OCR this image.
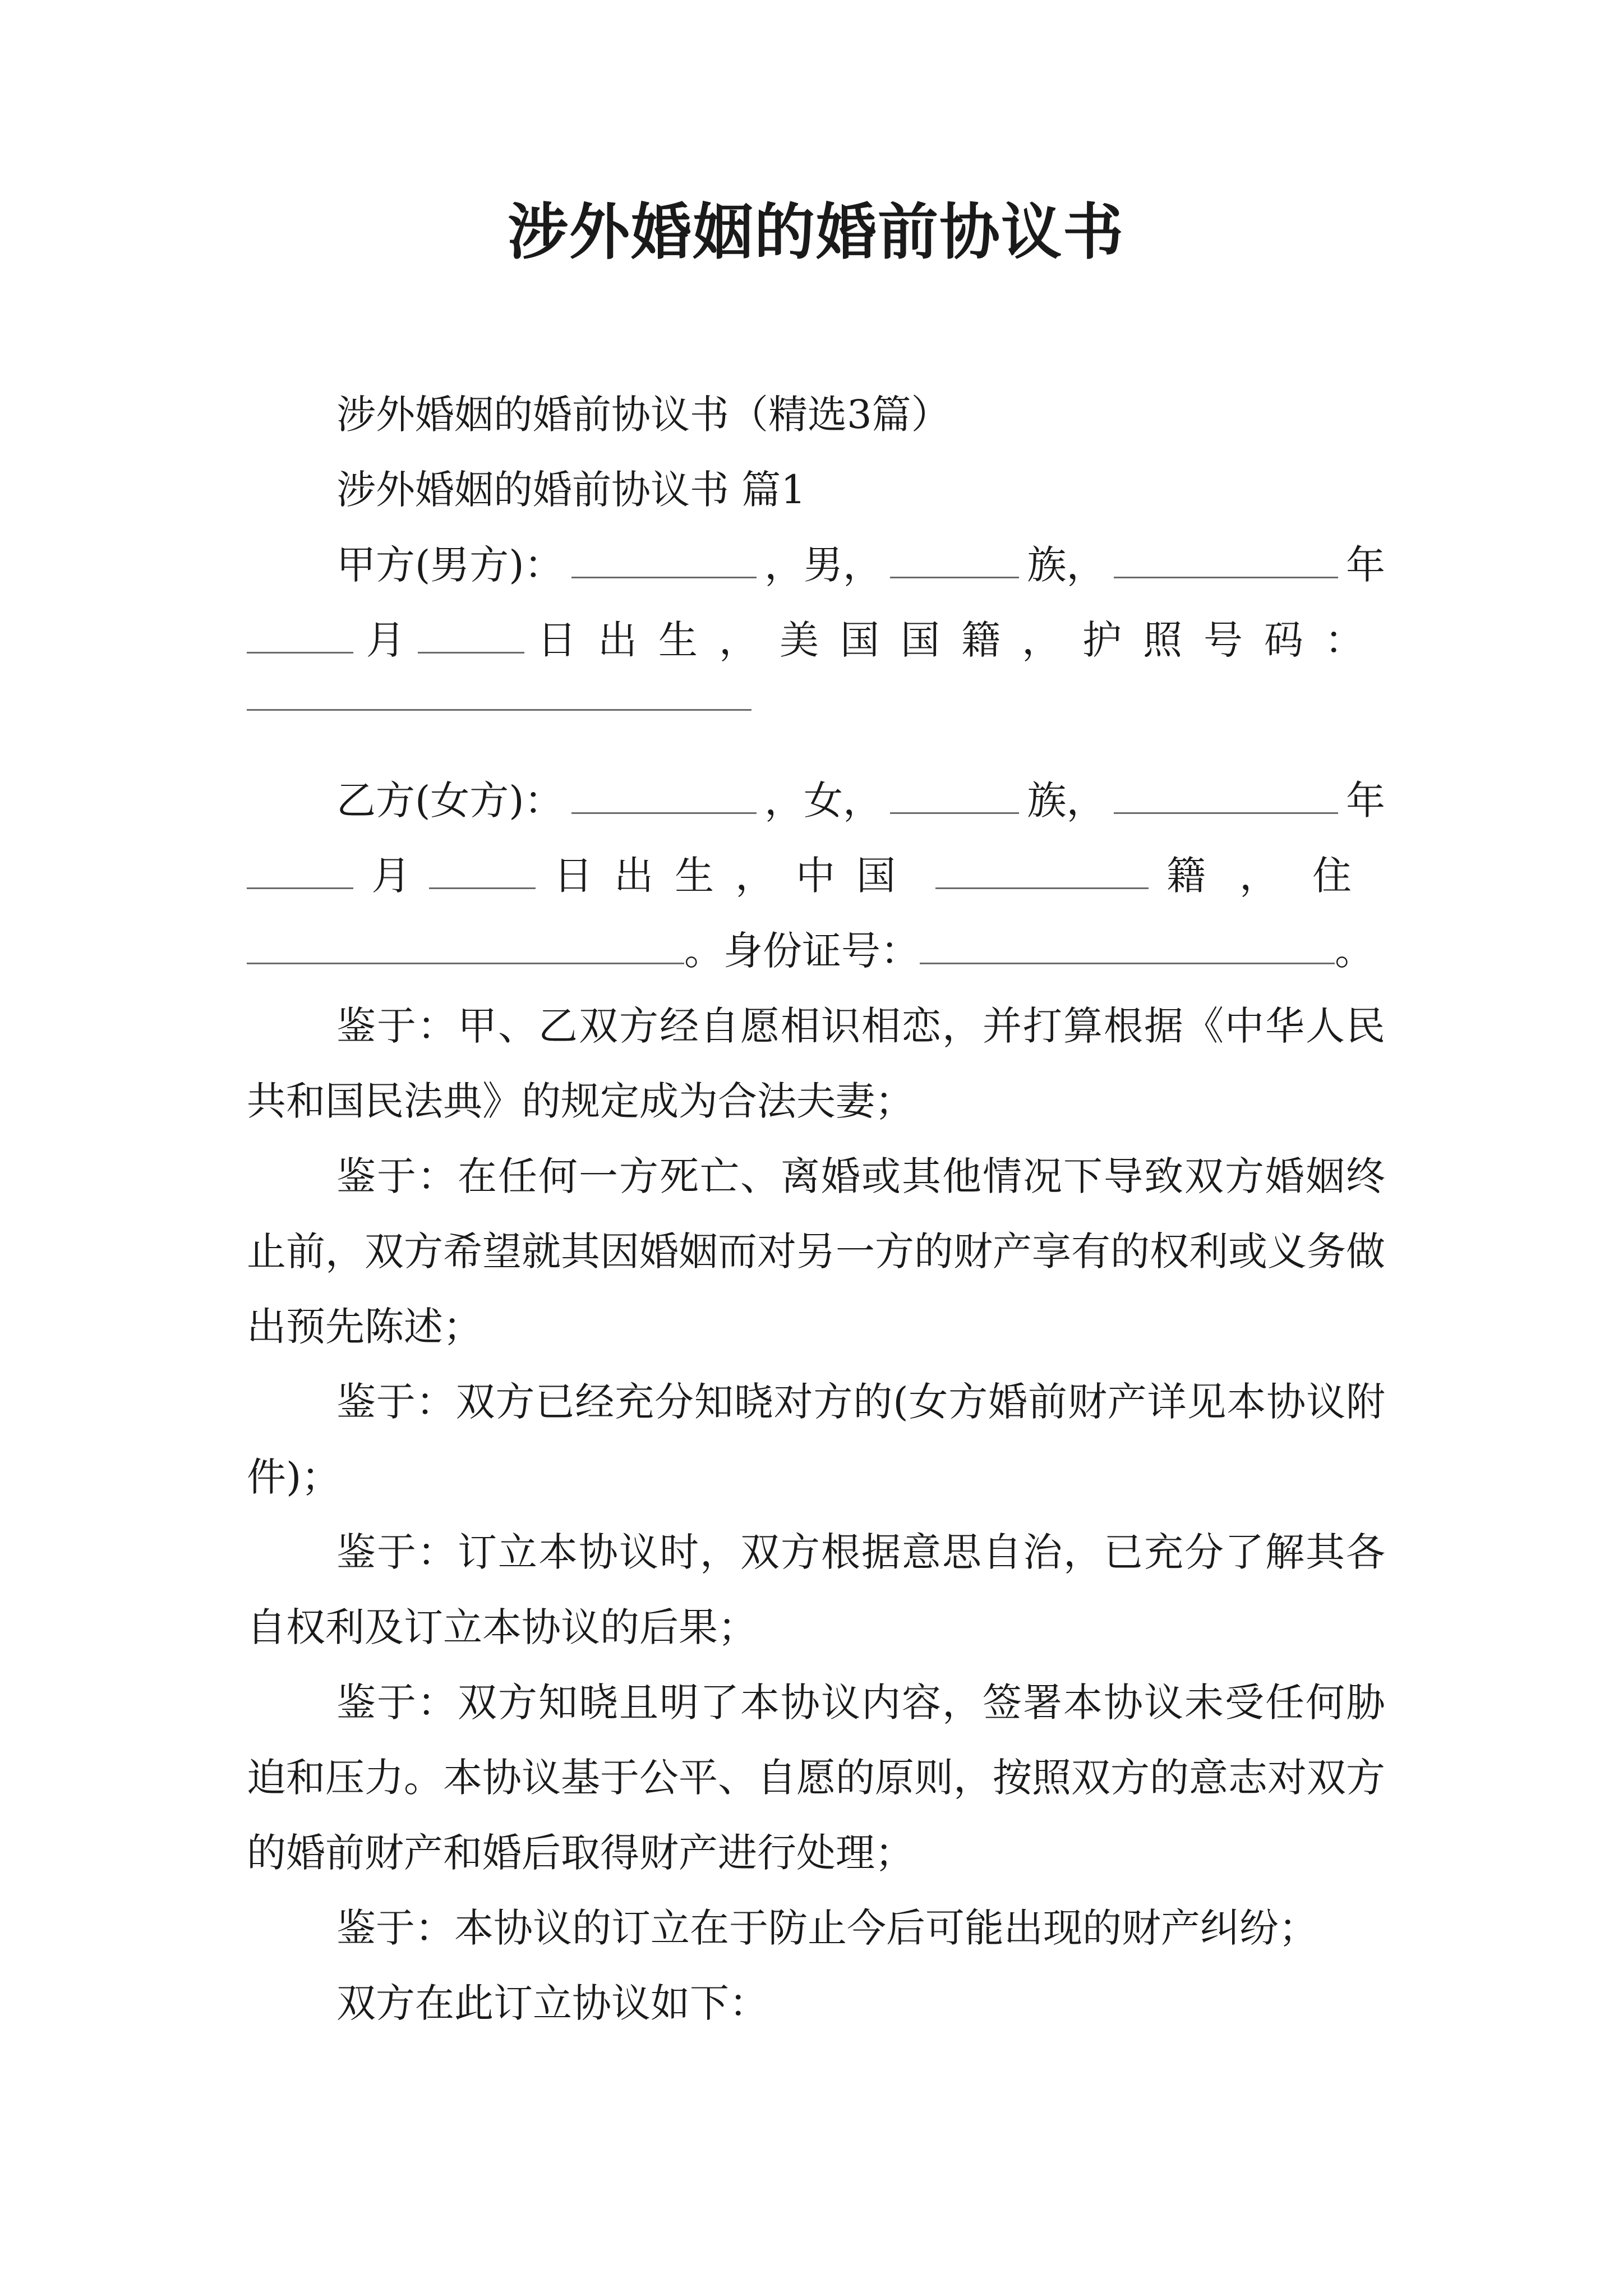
涉外婚姻的婚前协议书
涉外婚姻的婚前协议书（精选3篇）
涉外婚姻的婚前协议书 篇1
甲方(男方)：	，男，	族，	年
月	日出生，美国国籍，护照号码：
乙方(女方)：	，女，	族，	年
月	日出生，中国	籍，住
。身份证号：	。

鉴于：甲、乙双方经自愿相识相恋，并打算根据《中华人民共和国民法典》的规定成为合法夫妻；

鉴于：在任何一方死亡、离婚或其他情况下导致双方婚姻终止前，双方希望就其因婚姻而对另一方的财产享有的权利或义务做出预先陈述；

鉴于：双方已经充分知晓对方的(女方婚前财产详见本协议附件)；

鉴于：订立本协议时，双方根据意思自治，已充分了解其各自权利及订立本协议的后果；

鉴于：双方知晓且明了本协议内容，签署本协议未受任何胁迫和压力。本协议基于公平、自愿的原则，按照双方的意志对双方的婚前财产和婚后取得财产进行处理；

鉴于：本协议的订立在于防止今后可能出现的财产纠纷；

双方在此订立协议如下：
